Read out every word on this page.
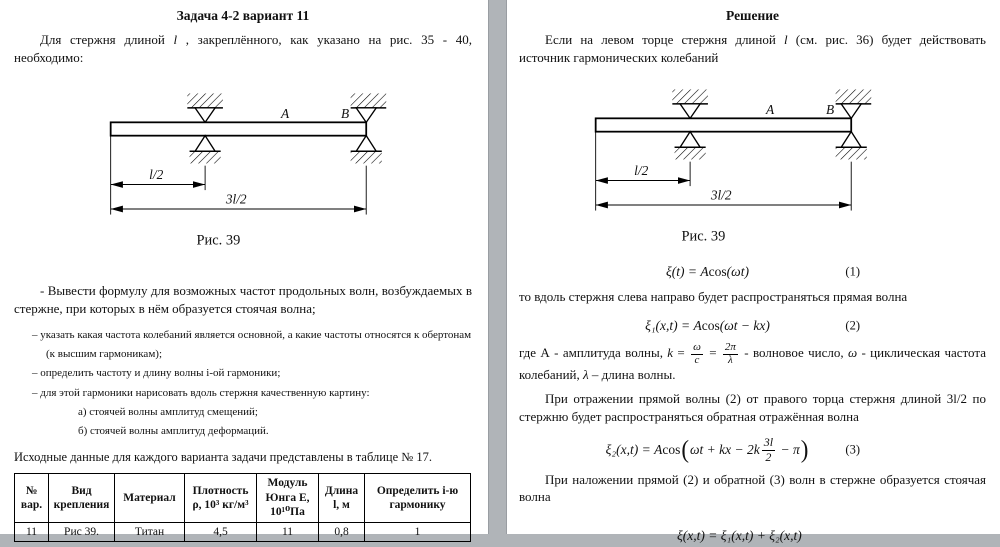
Задача 4-2 вариант 11

Для стержня длиной l , закреплённого, как указано на рис. 35 - 40, необходимо:

A	B
l/2
3l/2
Рис. 39

- Вывести формулу для возможных частот продольных волн, возбуждаемых в стержне, при которых в нём образуется стоячая волна;

– указать какая частота колебаний является основной, а какие частоты относятся к обертонам (к высшим гармоникам);
– определить частоту и длину волны i-ой гармоники;
– для этой гармоники нарисовать вдоль стержня качественную картину:
а) стоячей волны амплитуд смещений;
б) стоячей волны амплитуд деформаций.

Исходные данные для каждого варианта задачи представлены в таблице № 17.

№ вар.	Вид крепления	Материал	Плотность ρ, 10³ кг/м³	Модуль Юнга Е, 10¹⁰Па	Длина l, м	Определить i-ю гармонику
11	Рис 39.	Титан	4,5	11	0,8	1
Решение

Если на левом торце стержня длиной l (см. рис. 36) будет действовать источник гармонических колебаний

A	B
l/2
3l/2
Рис. 39
ξ(t) = A cos (ωt)	(1)

то вдоль стержня слева направо будет распространяться прямая волна

ξ₁(x,t) = A cos (ωt − kx)	(2)

где А - амплитуда волны, $k = \frac{\omega}{c} = \frac{2\pi}{\lambda}$ - волновое число, ω - циклическая частота колебаний, λ – длина волны.

При отражении прямой волны (2) от правого торца стержня длиной 3l/2 по стержню будет распространяться обратная отражённая волна

ξ₂(x,t) = A cos ( ωt + kx − $2k \frac{3l}{2} - \pi$ )	(3)

При наложении прямой (2) и обратной (3) волн в стержне образуется стоячая волна

ξ(x,t) = ξ₁(x,t) + ξ₂(x,t)
